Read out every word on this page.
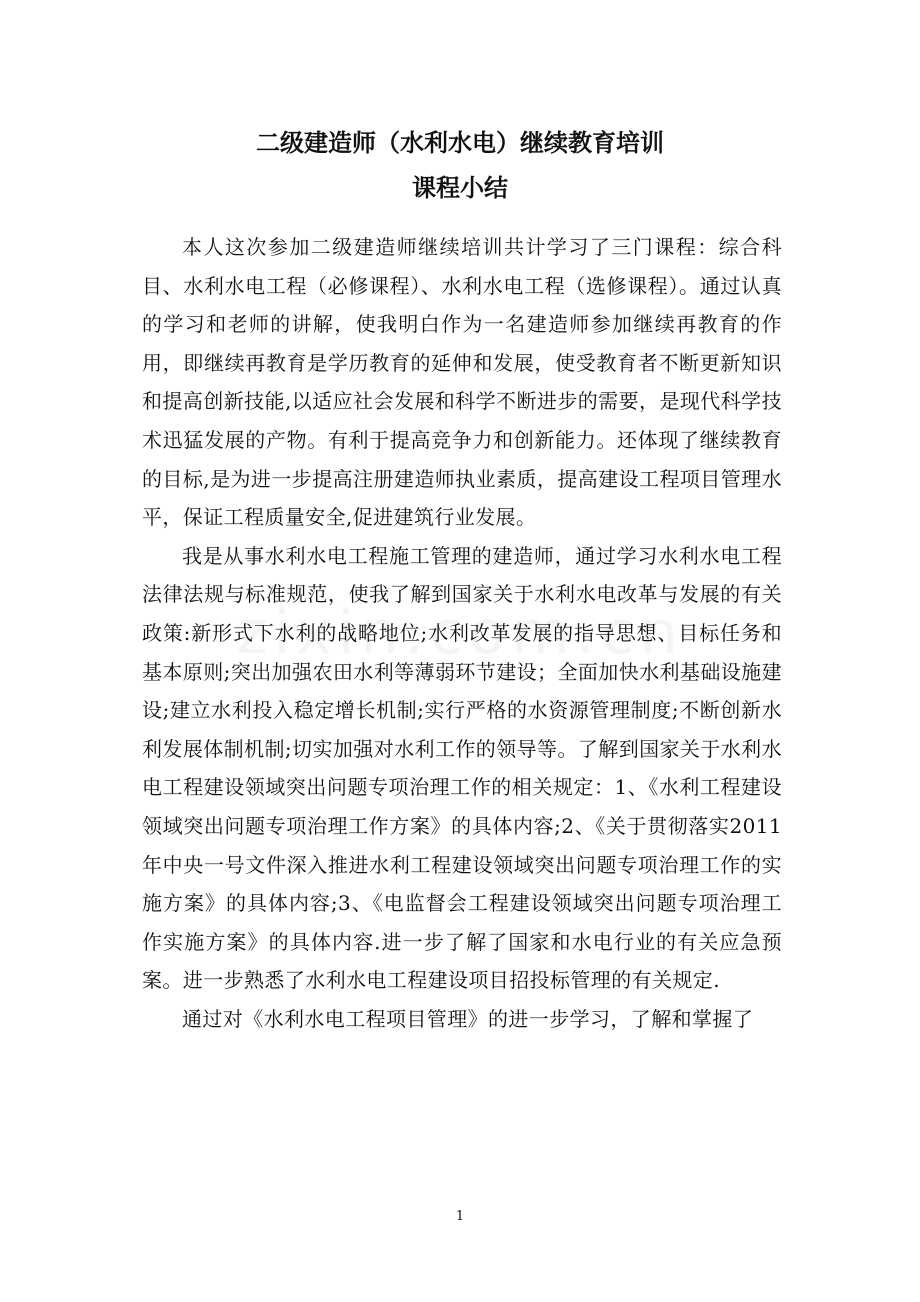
二级建造师（水利水电）继续教育培训
课程小结

本人这次参加二级建造师继续培训共计学习了三门课程：综合科目、水利水电工程（必修课程）、水利水电工程（选修课程）。通过认真的学习和老师的讲解，使我明白作为一名建造师参加继续再教育的作用，即继续再教育是学历教育的延伸和发展，使受教育者不断更新知识和提高创新技能,以适应社会发展和科学不断进步的需要，是现代科学技术迅猛发展的产物。有利于提高竞争力和创新能力。还体现了继续教育的目标,是为进一步提高注册建造师执业素质，提高建设工程项目管理水平，保证工程质量安全,促进建筑行业发展。

我是从事水利水电工程施工管理的建造师，通过学习水利水电工程法律法规与标准规范，使我了解到国家关于水利水电改革与发展的有关政策:新形式下水利的战略地位;水利改革发展的指导思想、目标任务和基本原则;突出加强农田水利等薄弱环节建设；全面加快水利基础设施建设;建立水利投入稳定增长机制;实行严格的水资源管理制度;不断创新水利发展体制机制;切实加强对水利工作的领导等。了解到国家关于水利水电工程建设领域突出问题专项治理工作的相关规定：1、《水利工程建设领域突出问题专项治理工作方案》的具体内容;2、《关于贯彻落实2011年中央一号文件深入推进水利工程建设领域突出问题专项治理工作的实施方案》的具体内容;3、《电监督会工程建设领域突出问题专项治理工作实施方案》的具体内容.进一步了解了国家和水电行业的有关应急预案。进一步熟悉了水利水电工程建设项目招投标管理的有关规定.

通过对《水利水电工程项目管理》的进一步学习，了解和掌握了

1
